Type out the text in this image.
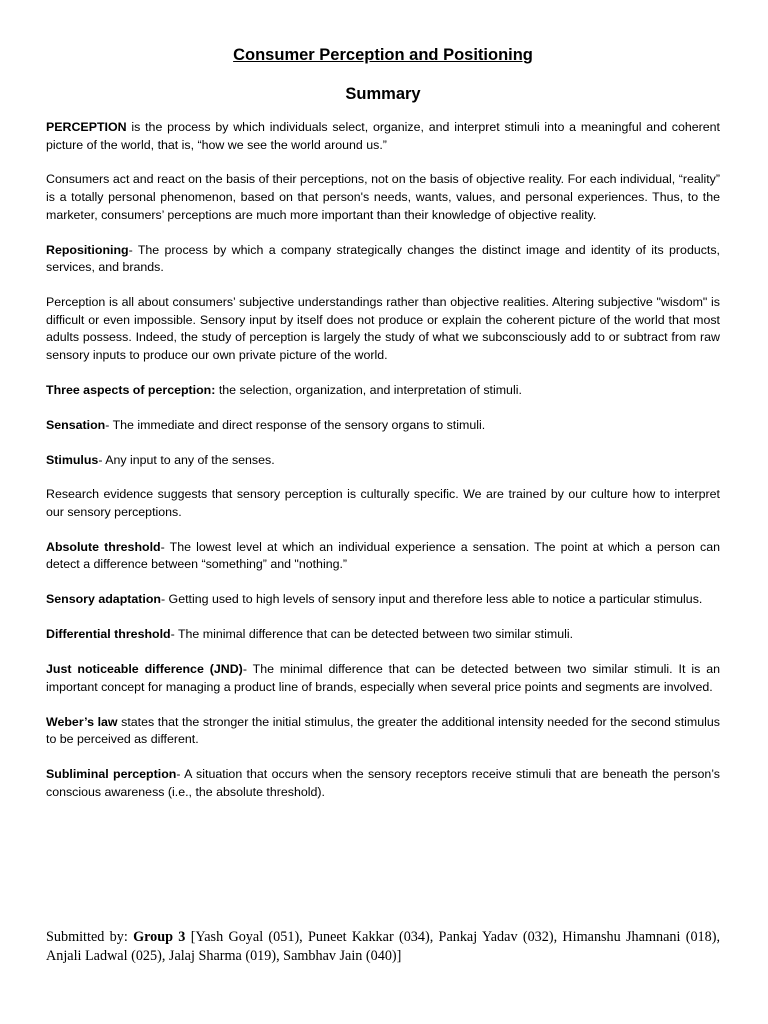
Consumer Perception and Positioning
Summary

PERCEPTION is the process by which individuals select, organize, and interpret stimuli into a meaningful and coherent picture of the world, that is, “how we see the world around us.”

Consumers act and react on the basis of their perceptions, not on the basis of objective reality. For each individual, “reality” is a totally personal phenomenon, based on that person's needs, wants, values, and personal experiences. Thus, to the marketer, consumers’ perceptions are much more important than their knowledge of objective reality.

Repositioning- The process by which a company strategically changes the distinct image and identity of its products, services, and brands.

Perception is all about consumers’ subjective understandings rather than objective realities. Altering subjective "wisdom" is difficult or even impossible. Sensory input by itself does not produce or explain the coherent picture of the world that most adults possess. Indeed, the study of perception is largely the study of what we subconsciously add to or subtract from raw sensory inputs to produce our own private picture of the world.

Three aspects of perception: the selection, organization, and interpretation of stimuli.

Sensation- The immediate and direct response of the sensory organs to stimuli.

Stimulus- Any input to any of the senses.

Research evidence suggests that sensory perception is culturally specific. We are trained by our culture how to interpret our sensory perceptions.

Absolute threshold- The lowest level at which an individual experience a sensation. The point at which a person can detect a difference between “something” and "nothing.”

Sensory adaptation- Getting used to high levels of sensory input and therefore less able to notice a particular stimulus.

Differential threshold- The minimal difference that can be detected between two similar stimuli.

Just noticeable difference (JND)- The minimal difference that can be detected between two similar stimuli. It is an important concept for managing a product line of brands, especially when several price points and segments are involved.

Weber’s law states that the stronger the initial stimulus, the greater the additional intensity needed for the second stimulus to be perceived as different.

Subliminal perception- A situation that occurs when the sensory receptors receive stimuli that are beneath the person’s conscious awareness (i.e., the absolute threshold).

Submitted by: Group 3 [Yash Goyal (051), Puneet Kakkar (034), Pankaj Yadav (032), Himanshu Jhamnani (018), Anjali Ladwal (025), Jalaj Sharma (019), Sambhav Jain (040)]
